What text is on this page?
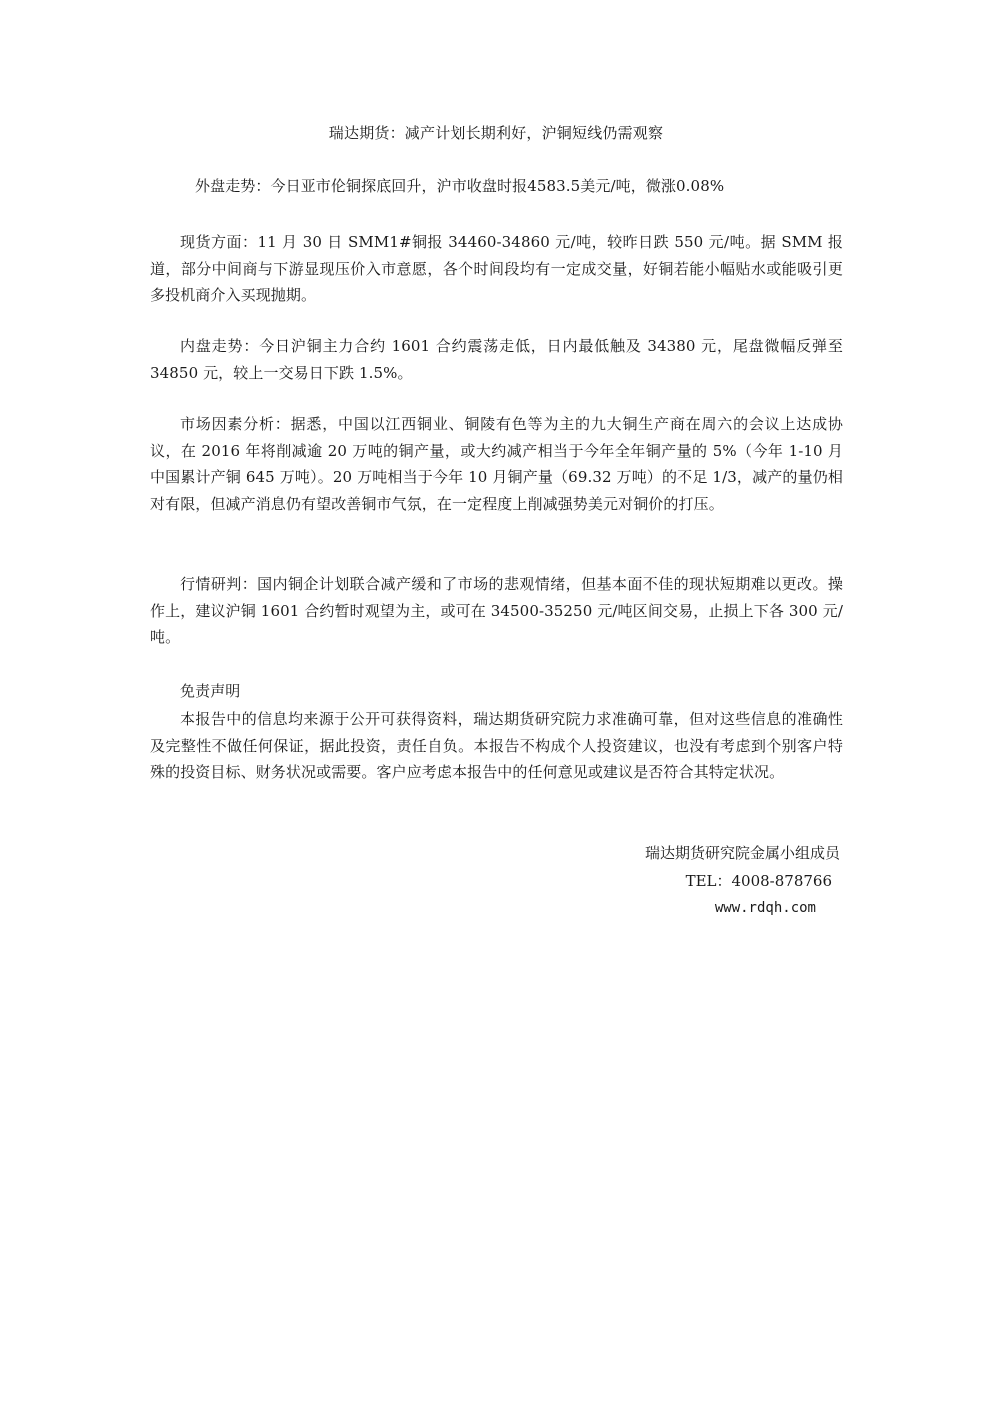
瑞达期货：减产计划长期利好，沪铜短线仍需观察

外盘走势：今日亚市伦铜探底回升，沪市收盘时报4583.5美元/吨，微涨0.08%

现货方面：11 月 30 日 SMM1#铜报 34460-34860 元/吨，较昨日跌 550 元/吨。据 SMM 报道，部分中间商与下游显现压价入市意愿，各个时间段均有一定成交量，好铜若能小幅贴水或能吸引更多投机商介入买现抛期。

内盘走势：今日沪铜主力合约 1601 合约震荡走低，日内最低触及 34380 元，尾盘微幅反弹至 34850 元，较上一交易日下跌 1.5%。

市场因素分析：据悉，中国以江西铜业、铜陵有色等为主的九大铜生产商在周六的会议上达成协议，在 2016 年将削减逾 20 万吨的铜产量，或大约减产相当于今年全年铜产量的 5%（今年 1-10 月中国累计产铜 645 万吨）。20 万吨相当于今年 10 月铜产量（69.32 万吨）的不足 1/3，减产的量仍相对有限，但减产消息仍有望改善铜市气氛，在一定程度上削减强势美元对铜价的打压。

行情研判：国内铜企计划联合减产缓和了市场的悲观情绪，但基本面不佳的现状短期难以更改。操作上，建议沪铜 1601 合约暂时观望为主，或可在 34500-35250 元/吨区间交易，止损上下各 300 元/吨。

免责声明

本报告中的信息均来源于公开可获得资料，瑞达期货研究院力求准确可靠，但对这些信息的准确性及完整性不做任何保证，据此投资，责任自负。本报告不构成个人投资建议，也没有考虑到个别客户特殊的投资目标、财务状况或需要。客户应考虑本报告中的任何意见或建议是否符合其特定状况。

瑞达期货研究院金属小组成员
TEL：4008-878766
www.rdqh.com
